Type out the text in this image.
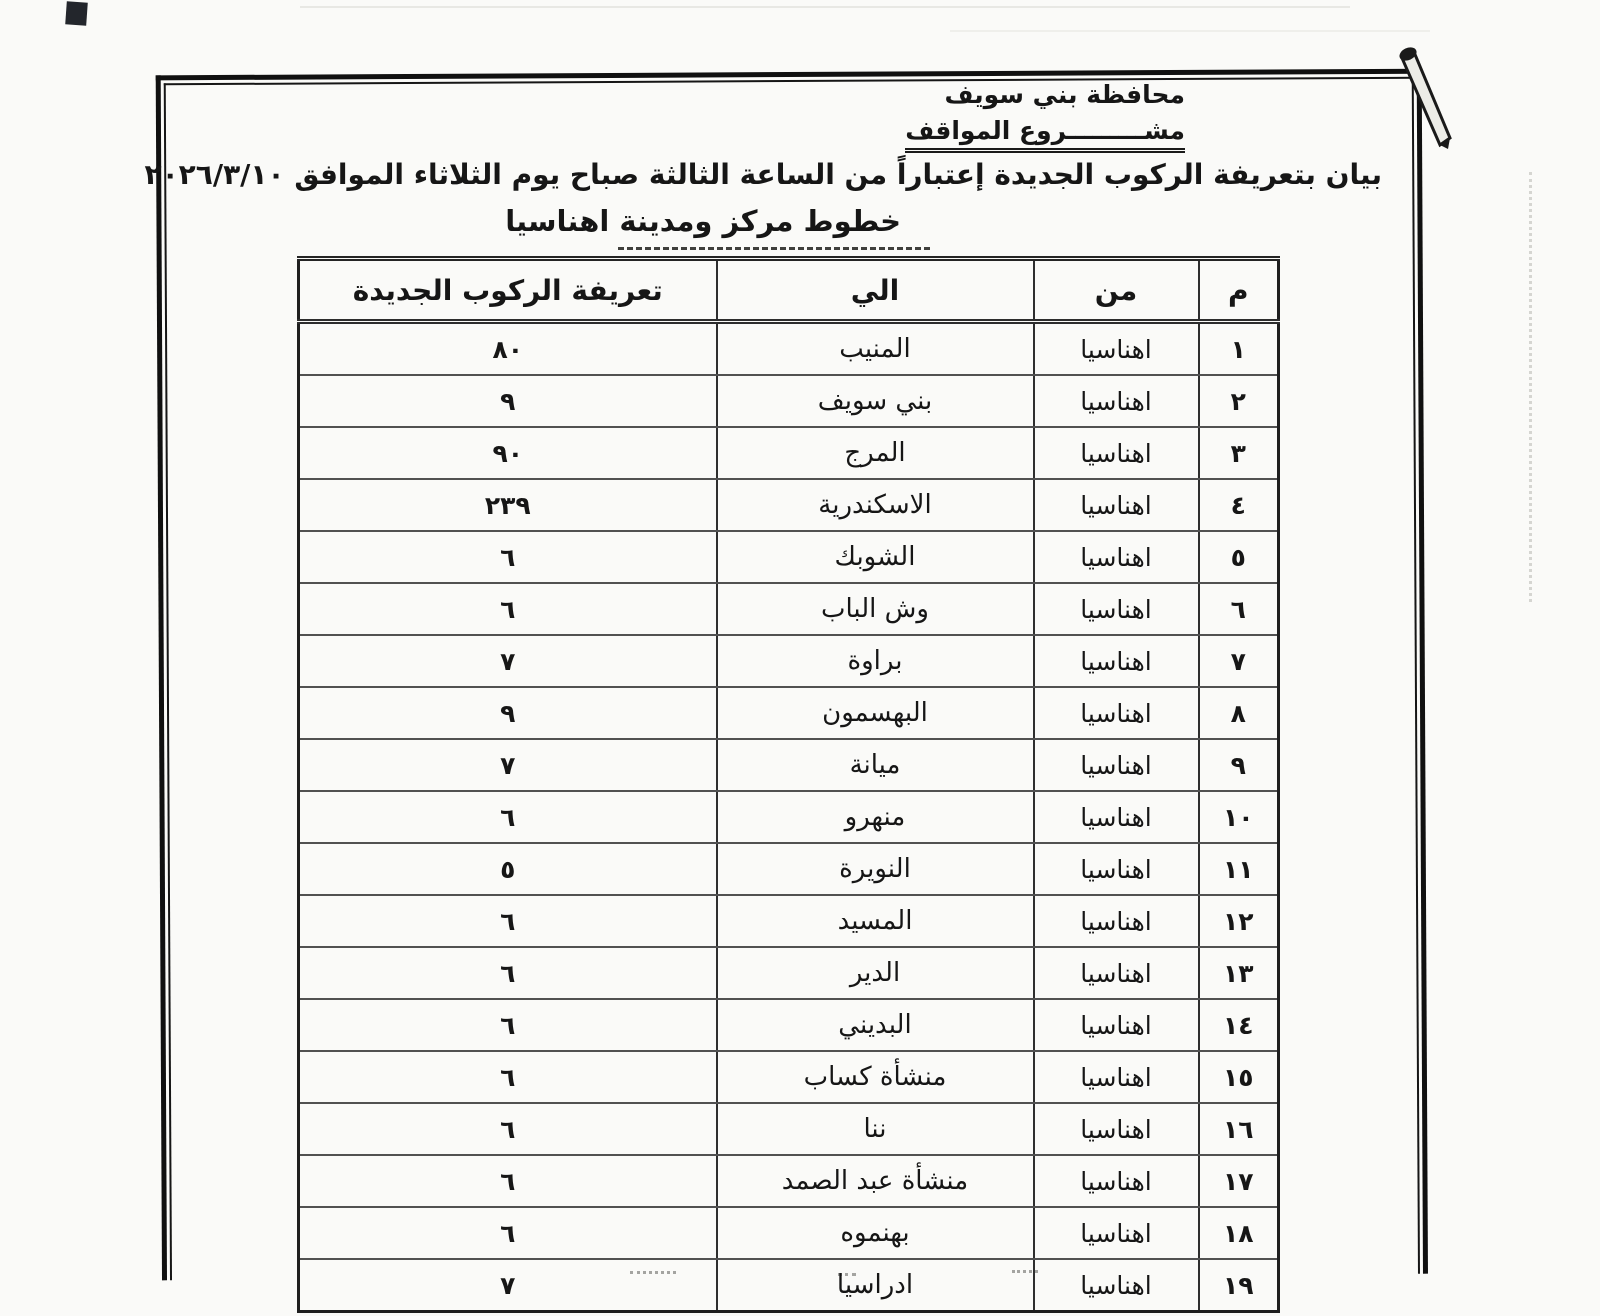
محافظة بني سويف
مشـــــــــروع المواقف
بيان بتعريفة الركوب الجديدة إعتباراً من الساعة الثالثة صباح يوم الثلاثاء الموافق ٢٠٢٦/٣/١٠
خطوط مركز ومدينة اهناسيا
م	من	الي	تعريفة الركوب الجديدة
١	اهناسيا	المنيب	٨٠
٢	اهناسيا	بني سويف	٩
٣	اهناسيا	المرج	٩٠
٤	اهناسيا	الاسكندرية	٢٣٩
٥	اهناسيا	الشوبك	٦
٦	اهناسيا	وش الباب	٦
٧	اهناسيا	براوة	٧
٨	اهناسيا	البهسمون	٩
٩	اهناسيا	ميانة	٧
١٠	اهناسيا	منهرو	٦
١١	اهناسيا	النويرة	٥
١٢	اهناسيا	المسيد	٦
١٣	اهناسيا	الدير	٦
١٤	اهناسيا	البديني	٦
١٥	اهناسيا	منشأة كساب	٦
١٦	اهناسيا	ننا	٦
١٧	اهناسيا	منشأة عبد الصمد	٦
١٨	اهناسيا	بهنموه	٦
١٩	اهناسيا	ادراسيا	٧
